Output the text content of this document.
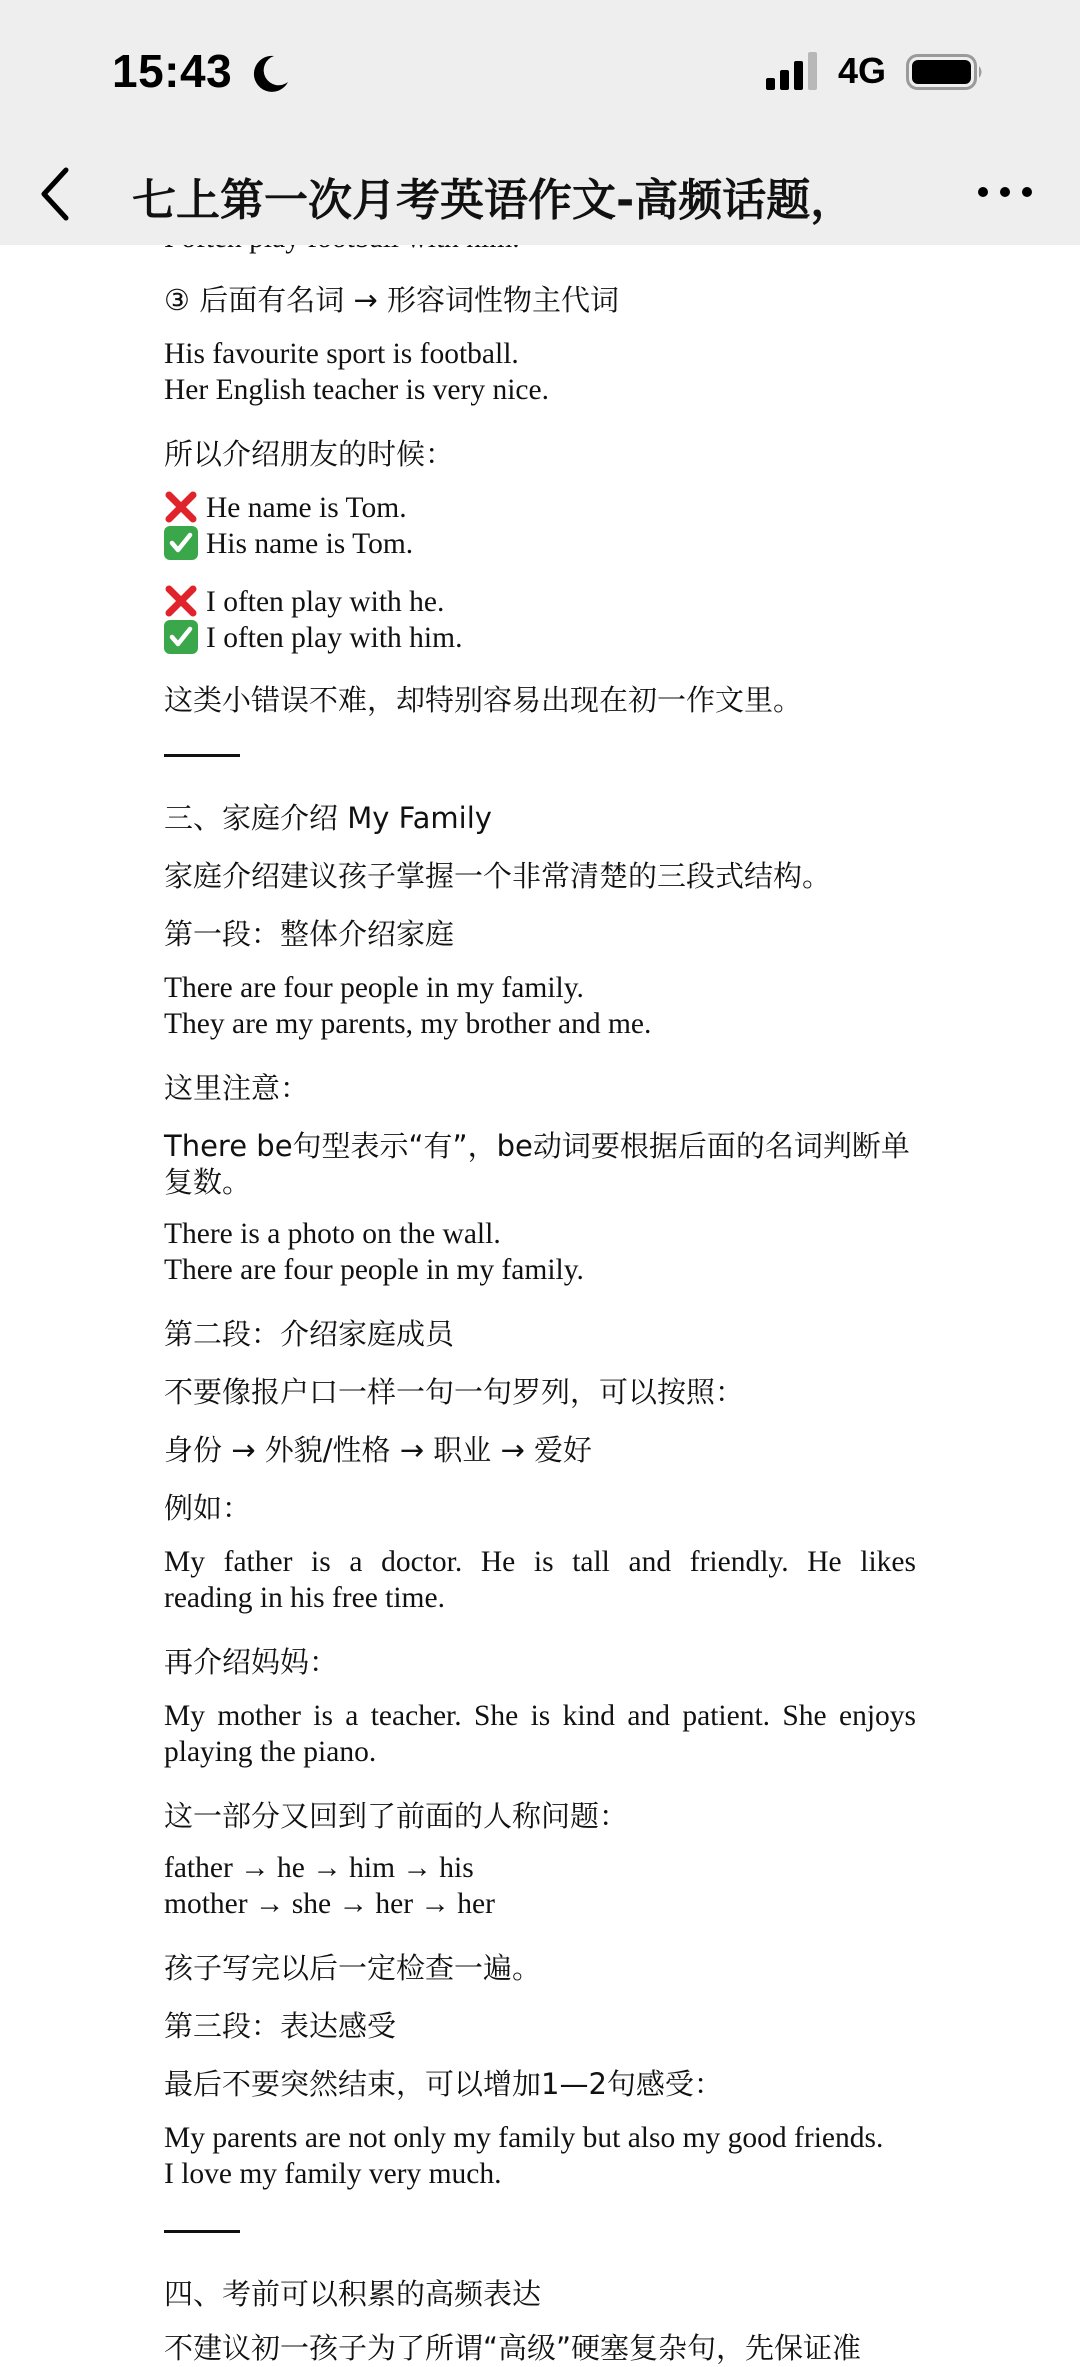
③ 后面有名词 → 形容词性物主代词
His favourite sport is football.
Her English teacher is very nice.
所以介绍朋友的时候：
He name is Tom.
His name is Tom.
I often play with he.
I often play with him.
这类小错误不难，却特别容易出现在初一作文里。
三、家庭介绍 My Family
家庭介绍建议孩子掌握一个非常清楚的三段式结构。
第一段：整体介绍家庭
There are four people in my family.
They are my parents, my brother and me.
这里注意：
There be句型表示“有”，be动词要根据后面的名词判断单
复数。
There is a photo on the wall.
There are four people in my family.
第二段：介绍家庭成员
不要像报户口一样一句一句罗列，可以按照：
身份 → 外貌/性格 → 职业 → 爱好
例如：
My father is a doctor. He is tall and friendly. He likes
reading in his free time.
再介绍妈妈：
My mother is a teacher. She is kind and patient. She enjoys
playing the piano.
这一部分又回到了前面的人称问题：
father → he → him → his
mother → she → her → her
孩子写完以后一定检查一遍。
第三段：表达感受
最后不要突然结束，可以增加1—2句感受：
My parents are not only my family but also my good friends.
I love my family very much.
四、考前可以积累的高频表达
不建议初一孩子为了所谓“高级”硬塞复杂句，先保证准
15:43	4G
七上第一次月考英语作文-高频话题，
